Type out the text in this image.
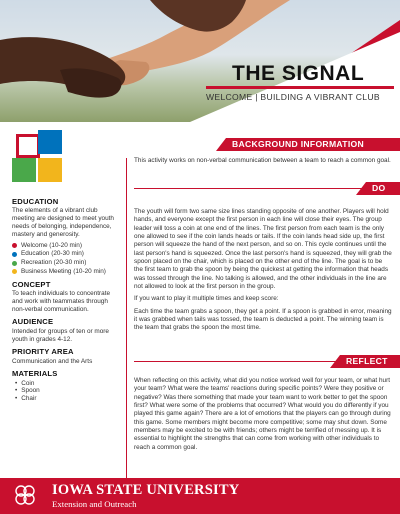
THE SIGNAL
WELCOME | BUILDING A VIBRANT CLUB
EDUCATION

The elements of a vibrant club meeting are designed to meet youth needs of belonging, independence, mastery and generosity.

Welcome (10-20 min)
Education (20-30 min)
Recreation (20-30 min)
Business Meeting (10-20 min)
CONCEPT

To teach individuals to concentrate and work with teammates through non-verbal communication.

AUDIENCE

Intended for groups of ten or more youth in grades 4-12.

PRIORITY AREA

Communication and the Arts

MATERIALS
• Coin
• Spoon
• Chair
BACKGROUND INFORMATION

This activity works on non-verbal communication between a team to reach a common goal.

DO

The youth will form two same size lines standing opposite of one another. Players will hold hands, and everyone except the first person in each line will close their eyes. The group leader will toss a coin at one end of the lines. The first person from each team is the only one allowed to see if the coin lands heads or tails. If the coin lands head side up, the first person will squeeze the hand of the next person, and so on. This cycle continues until the last person's hand is squeezed. Once the last person's hand is squeezed, they will grab the spoon placed on the chair, which is placed on the other end of the line. The goal is to be the first team to grab the spoon by being the quickest at getting the information that heads was tossed through the line. No talking is allowed, and the other individuals in the line are not allowed to look at the first person in the group.

If you want to play it multiple times and keep score:

Each time the team grabs a spoon, they get a point. If a spoon is grabbed in error, meaning it was grabbed when tails was tossed, the team is deducted a point. The winning team is the team that grabs the spoon the most time.

REFLECT

When reflecting on this activity, what did you notice worked well for your team, or what hurt your team? What were the teams' reactions during specific points? Were they positive or negative? Was there something that made your team want to work better to get the spoon first? What were some of the problems that occurred? What would you do differently if you played this game again? There are a lot of emotions that the players can go through during this game. Some members might become more competitive; some may shut down. Some members may be excited to be with friends; others might be terrified of messing up. It is essential to highlight the strengths that can come from working with other individuals to reach a common goal.

IOWA STATE UNIVERSITY
Extension and Outreach
